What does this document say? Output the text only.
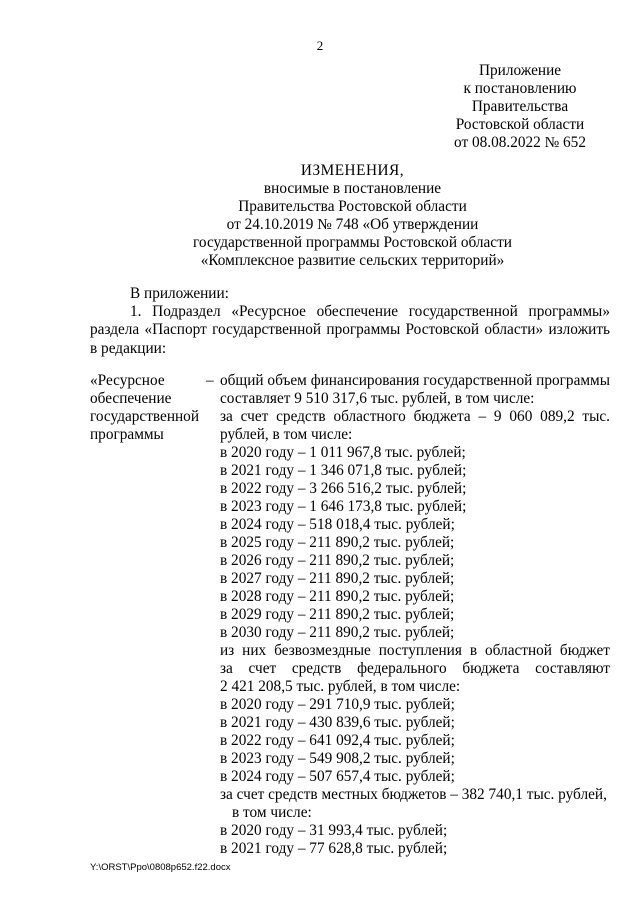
2
Приложение
к постановлению
Правительства
Ростовской области
от 08.08.2022 № 652
ИЗМЕНЕНИЯ,
вносимые в постановление
Правительства Ростовской области
от 24.10.2019 № 748 «Об утверждении
государственной программы Ростовской области
«Комплексное развитие сельских территорий»

В приложении:

1. Подраздел «Ресурсное обеспечение государственной программы»

раздела «Паспорт государственной программы Ростовской области» изложить

в редакции:

«Ресурсное
обеспечение
государственной
программы
– общий объем финансирования государственной программы
составляет 9 510 317,6 тыс. рублей, в том числе:
за счет средств областного бюджета – 9 060 089,2 тыс.
рублей, в том числе:
в 2020 году – 1 011 967,8 тыс. рублей;
в 2021 году – 1 346 071,8 тыс. рублей;
в 2022 году – 3 266 516,2 тыс. рублей;
в 2023 году – 1 646 173,8 тыс. рублей;
в 2024 году – 518 018,4 тыс. рублей;
в 2025 году – 211 890,2 тыс. рублей;
в 2026 году – 211 890,2 тыс. рублей;
в 2027 году – 211 890,2 тыс. рублей;
в 2028 году – 211 890,2 тыс. рублей;
в 2029 году – 211 890,2 тыс. рублей;
в 2030 году – 211 890,2 тыс. рублей;
из них безвозмездные поступления в областной бюджет
за счет средств федерального бюджета составляют
2 421 208,5 тыс. рублей, в том числе:
в 2020 году – 291 710,9 тыс. рублей;
в 2021 году – 430 839,6 тыс. рублей;
в 2022 году – 641 092,4 тыс. рублей;
в 2023 году – 549 908,2 тыс. рублей;
в 2024 году – 507 657,4 тыс. рублей;
за счет средств местных бюджетов – 382 740,1 тыс. рублей,
в том числе:
в 2020 году – 31 993,4 тыс. рублей;
в 2021 году – 77 628,8 тыс. рублей;
Y:\ORST\Ppo\0808p652.f22.docx
